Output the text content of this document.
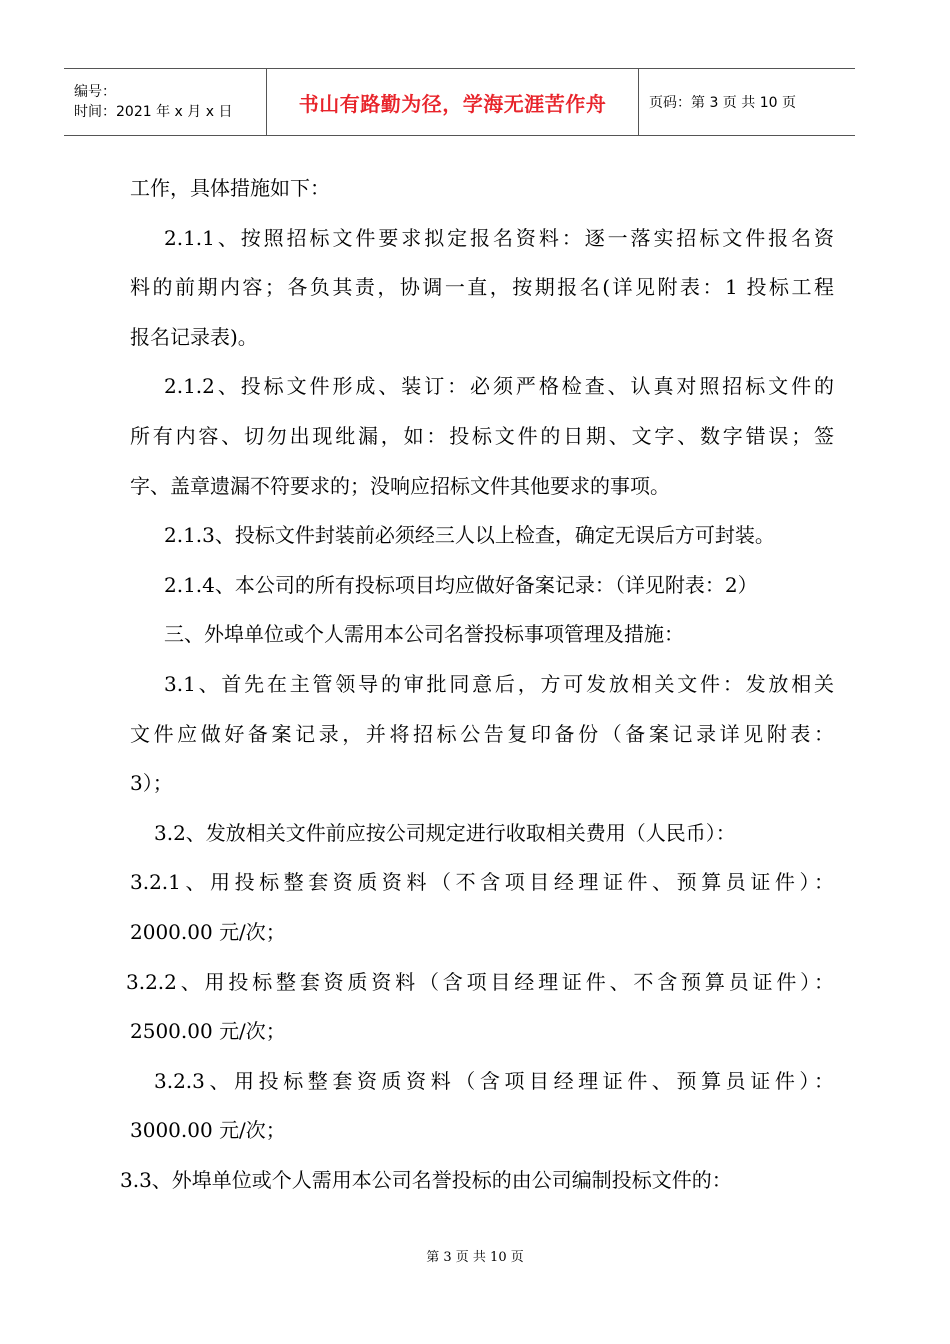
编号：
时间：2021 年 x 月 x 日	书山有路勤为径，学海无涯苦作舟	页码：第 3 页 共 10 页

工作，具体措施如下：

2.1.1、按照招标文件要求拟定报名资料：逐一落实招标文件报名资

料的前期内容；各负其责，协调一直，按期报名(详见附表：1 投标工程

报名记录表)。

2.1.2、投标文件形成、装订：必须严格检查、认真对照招标文件的

所有内容、切勿出现纰漏，如：投标文件的日期、文字、数字错误；签

字、盖章遗漏不符要求的；没响应招标文件其他要求的事项。

2.1.3、投标文件封装前必须经三人以上检查，确定无误后方可封装。

2.1.4、本公司的所有投标项目均应做好备案记录：（详见附表：2）

三、外埠单位或个人需用本公司名誉投标事项管理及措施：

3.1、首先在主管领导的审批同意后，方可发放相关文件：发放相关

文件应做好备案记录，并将招标公告复印备份（备案记录详见附表：

3）；

3.2、发放相关文件前应按公司规定进行收取相关费用（人民币）：

3.2.1、用投标整套资质资料（不含项目经理证件、预算员证件）：

2000.00 元/次；

3.2.2、用投标整套资质资料（含项目经理证件、不含预算员证件）：

2500.00 元/次；

3.2.3、用投标整套资质资料（含项目经理证件、预算员证件）：

3000.00 元/次；

3.3、外埠单位或个人需用本公司名誉投标的由公司编制投标文件的：

第 3 页 共 10 页
